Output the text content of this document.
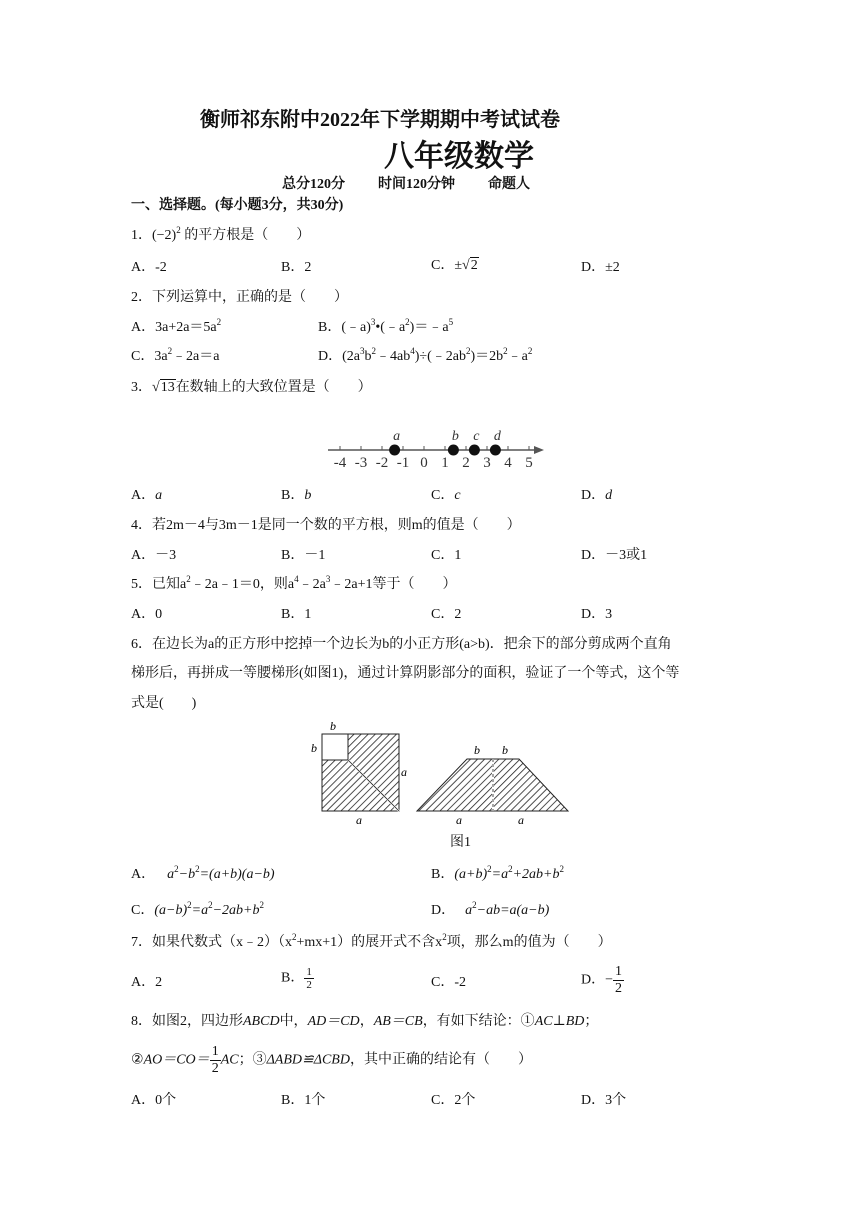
衡师祁东附中2022年下学期期中考试试卷
八年级数学
总分120分 时间120分钟 命题人
一、选择题。(每小题3分，共30分)
1．$(-2)^2$ 的平方根是（　　）
A．-2	B．2	C．±√2	D．±2
2．下列运算中，正确的是（　　）
A．$3a+2a=5a^2$	B．$(﹣a)^3•(﹣a^2)=﹣a^5$
C．$3a^2﹣2a=a$	D．$(2a^3b^2﹣4ab^4)\div(﹣2ab^2)=2b^2﹣a^2$
3．√13在数轴上的大致位置是（　　）
-4 -3 -2 -1 0 1 2 3 4 5
a	b c d
A．a	B．b	C．c	D．d
4．若2m－4与3m－1是同一个数的平方根，则m的值是（　　）
A．－3	B．－1	C．1	D．－3或1
5．已知$a^2﹣2a﹣1=0$，则$a^4﹣2a^3﹣2a+1$等于（　　）
A．0	B．1	C．2	D．3
6．在边长为a的正方形中挖掉一个边长为b的小正方形(a>b)．把余下的部分剪成两个直角
梯形后，再拼成一等腰梯形(如图1)，通过计算阴影部分的面积，验证了一个等式，这个等
式是(　　)
b
b
a
a
b b
a	a
图1
A． $a^2-b^2=(a+b)(a-b)$	B．$(a+b)^2=a^2+2ab+b^2$
C．$(a-b)^2=a^2-2ab+b^2$	D． $a^2-ab=a(a-b)$
7．如果代数式$(x﹣2)(x^2+mx+1)$的展开式不含$x^2$项，那么m的值为（　　）
A．2	B． $\frac{1}{2}$	C．-2	D．− $\frac{1}{2}$
8．如图2，四边形ABCD中，AD＝CD，AB＝CB，有如下结论：①AC⊥BD；
②AO＝CO＝ $\frac{1}{2}$ AC；③ΔABD≌ΔCBD，其中正确的结论有（　　）
A．0个	B．1个	C．2个	D．3个
